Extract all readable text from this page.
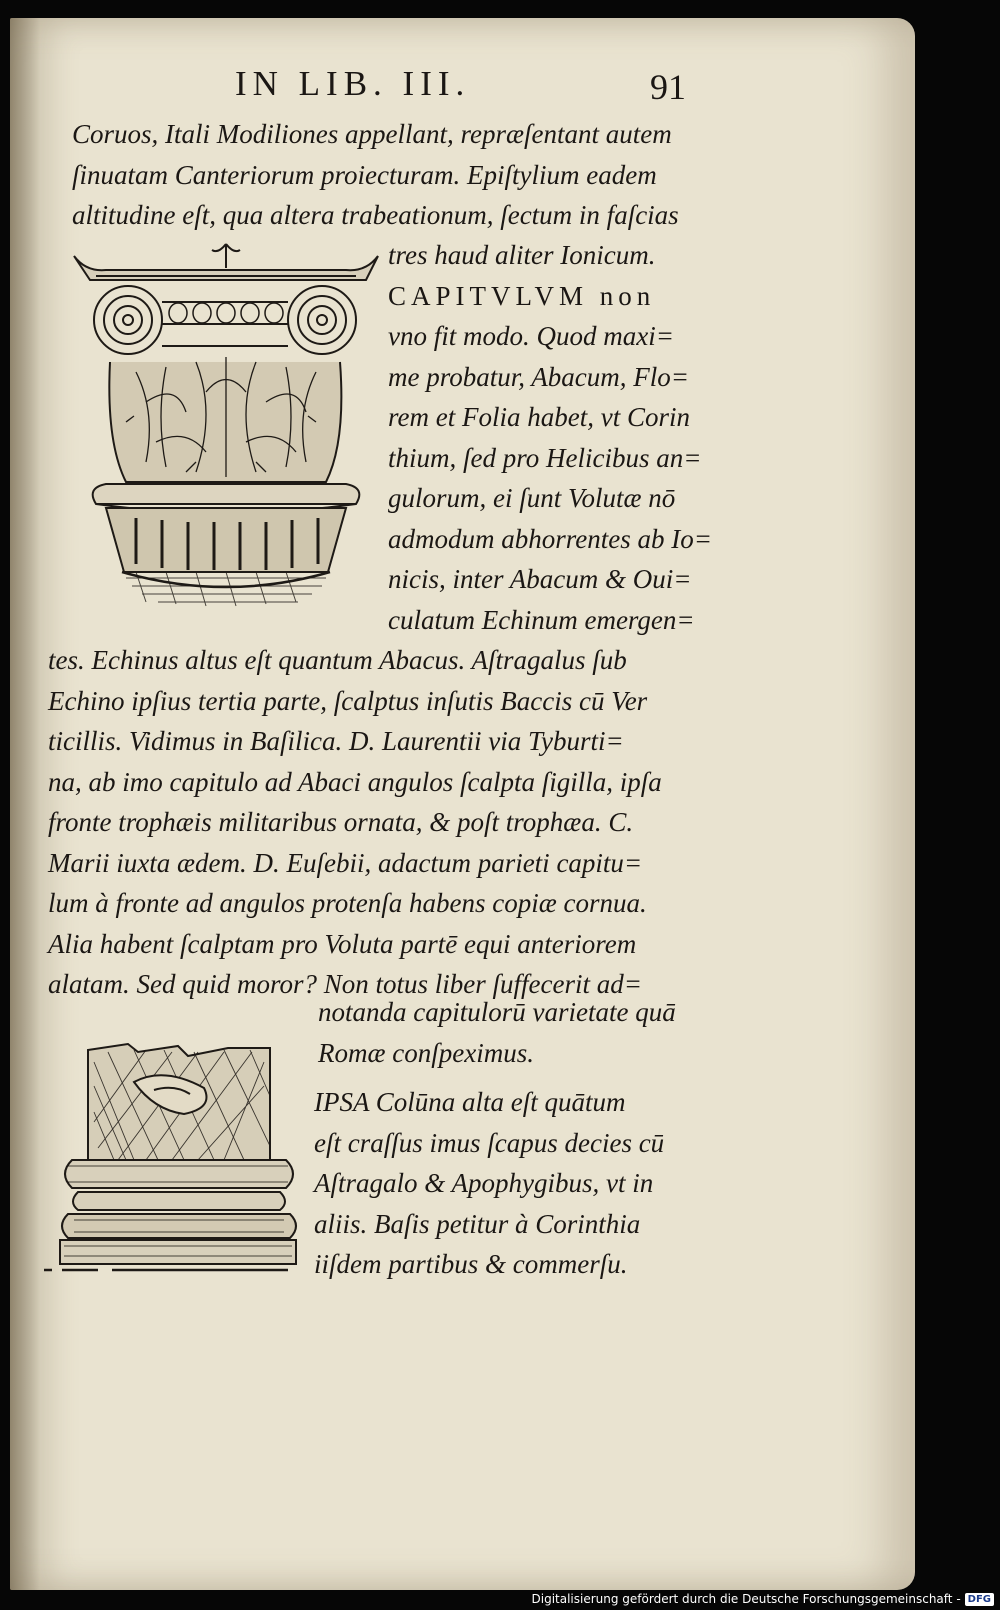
IN LIB. III.	91
Coruos, Itali Modiliones appellant, repræſentant autem
ſinuatam Canteriorum proiecturam. Epiſtylium eadem
altitudine eſt, qua altera trabeationum, ſectum in faſcias
tres haud aliter Ionicum.
CAPITVLVM non
vno fit modo. Quod maxi=
me probatur, Abacum, Flo=
rem et Folia habet, vt Corin
thium, ſed pro Helicibus an=
gulorum, ei ſunt Volutæ nō
admodum abhorrentes ab Io=
nicis, inter Abacum & Oui=
culatum Echinum emergen=
tes. Echinus altus eſt quantum Abacus. Aſtragalus ſub
Echino ipſius tertia parte, ſcalptus inſutis Baccis cū Ver
ticillis. Vidimus in Baſilica. D. Laurentii via Tyburti=
na, ab imo capitulo ad Abaci angulos ſcalpta ſigilla, ipſa
fronte trophæis militaribus ornata, & poſt trophæa. C.
Marii iuxta ædem. D. Euſebii, adactum parieti capitu=
lum à fronte ad angulos protenſa habens copiæ cornua.
Alia habent ſcalptam pro Voluta partē equi anteriorem
alatam. Sed quid moror? Non totus liber ſuffecerit ad=
notanda capitulorū varietate quā
Romæ conſpeximus.
IPSA Colūna alta eſt quātum
eſt craſſus imus ſcapus decies cū
Aſtragalo & Apophygibus, vt in
aliis. Baſis petitur à Corinthia
iiſdem partibus & commerſu.
Digitalisierung gefördert durch die Deutsche Forschungsgemeinschaft - DFG
